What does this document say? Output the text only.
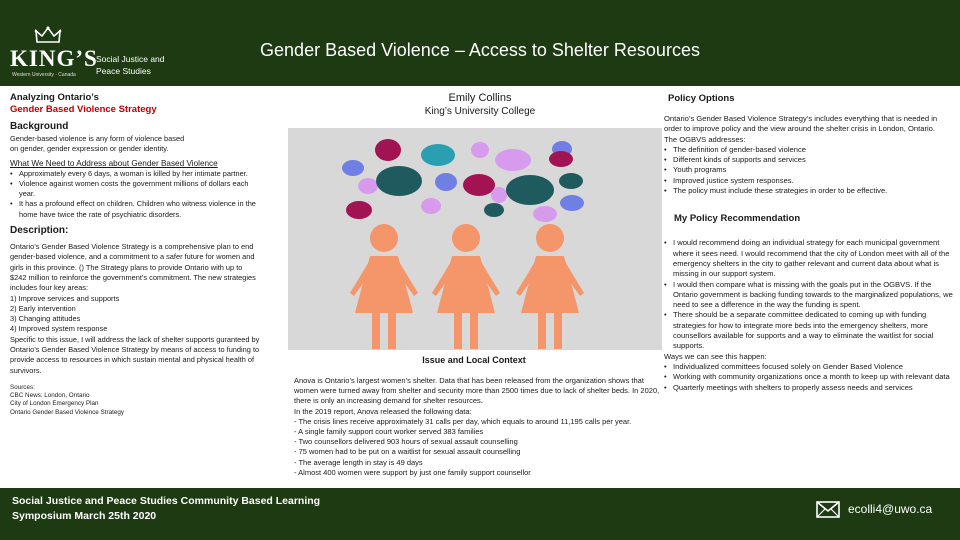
KING’S
Western University · Canada
Social Justice and
Peace Studies
Gender Based Violence – Access to Shelter Resources
Analyzing Ontario’s
Gender Based Violence Strategy
Background
Gender-based violence is any form of violence based on gender, gender expression or gender identity.
What We Need to Address about Gender Based Violence
• Approximately every 6 days, a woman is killed by her intimate partner.
• Violence against women costs the government millions of dollars each year.
• It has a profound effect on children. Children who witness violence in the home have twice the rate of psychiatric disorders.
Description:
Ontario’s Gender Based Violence Strategy is a comprehensive plan to end gender-based violence, and a commitment to a safer future for women and girls in this province. () The Strategy plans to provide Ontario with up to $242 million to reinforce the government’s commitment. The new strategies includes four key areas:
1) Improve services and supports
2) Early intervention
3) Changing attitudes
4) Improved system response
Specific to this issue, I will address the lack of shelter supports guranteed by Ontario’s Gender Based Violence Strategy by means of access to funding to provide access to resources in which sustain mental and physical health of survivors.
Sources:
CBC News: London, Ontario
City of London Emergency Plan
Ontario Gender Based Violence Strategy
Emily Collins
King’s University College
Issue and Local Context
Anova is Ontario’s largest women’s shelter. Data that has been released from the organization shows that women were turned away from shelter and security more than 2500 times due to lack of shelter beds. In 2020, there is only an increasing demand for shelter resources.
In the 2019 report, Anova released the following data:
- The crisis lines receive approximately 31 calls per day, which equals to around 11,195 calls per year.
- A single family support court worker served 383 families
- Two counsellors delivered 903 hours of sexual assault counselling
- 75 women had to be put on a waitlist for sexual assault counselling
- The average length in stay is 49 days
- Almost 400 women were support by just one family support counsellor
Policy Options
Ontario’s Gender Based Violence Strategy’s includes everything that is needed in order to improve policy and the view around the shelter crisis in London, Ontario.
The OGBVS addresses:
• The definition of gender-based violence
• Different kinds of supports and services
• Youth programs
• Improved justice system responses.
• The policy must include these strategies in order to be effective.
My Policy Recommendation
• I would recommend doing an individual strategy for each municipal government where it sees need. I would recommend that the city of London meet with all of the emergency shelters in the city to gather relevant and current data about what is missing in our support system.
• I would then compare what is missing with the goals put in the OGBVS. If the Ontario government is backing funding towards to the marginalized populations, we need to see a difference in the way the funding is spent.
• There should be a separate committee dedicated to coming up with funding strategies for how to integrate more beds into the emergency shelters, more counsellors available for supports and a way to eliminate the waitlist for social supports.
Ways we can see this happen:
• Individualized committees focused solely on Gender Based Violence
• Working with community organizations once a month to keep up with relevant data
• Quarterly meetings with shelters to properly assess needs and services
Social Justice and Peace Studies Community Based Learning
Symposium March 25th 2020	ecolli4@uwo.ca
